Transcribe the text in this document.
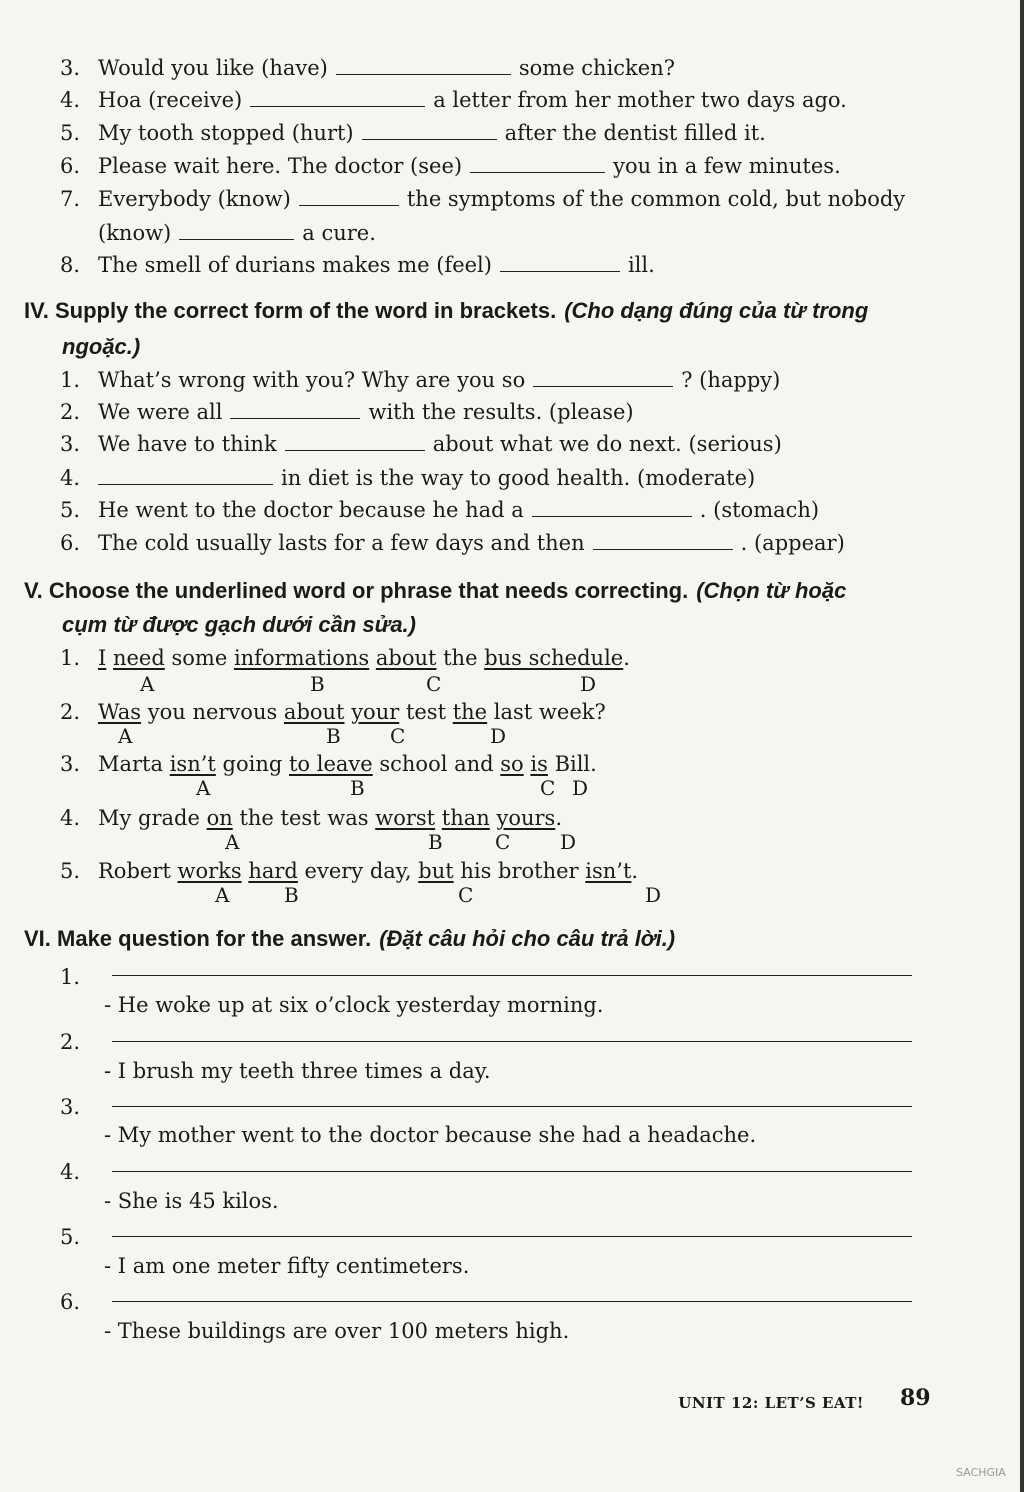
3. Would you like (have)	some chicken?
4. Hoa (receive)	a letter from her mother two days ago.
5. My tooth stopped (hurt)	after the dentist filled it.
6. Please wait here. The doctor (see)	you in a few minutes.
7. Everybody (know)	the symptoms of the common cold, but nobody
(know)	a cure.
8. The smell of durians makes me (feel)	ill.
IV. Supply the correct form of the word in brackets. (Cho dạng đúng của từ trong
ngoặc.)
1. What’s wrong with you? Why are you so	? (happy)
2. We were all	with the results. (please)
3. We have to think	about what we do next. (serious)
4.	in diet is the way to good health. (moderate)
5. He went to the doctor because he had a	. (stomach)
6. The cold usually lasts for a few days and then	. (appear)
V. Choose the underlined word or phrase that needs correcting. (Chọn từ hoặc
cụm từ được gạch dưới cần sửa.)
1. I
need some informations
about the bus schedule .
A	B	C	D
2. Was you nervous about
your test the last week?
A	B C	D
3. Marta isn’t going to leave school and so
is Bill.
A	B	C D
4. My grade on the test was worst
than
yours .
A	B	C D
5. Robert works
hard every day, but his brother isn’t .
A	B	C	D
VI. Make question for the answer. (Đặt câu hỏi cho câu trả lời.)
1.
- He woke up at six o’clock yesterday morning.
2.
- I brush my teeth three times a day.
3.
- My mother went to the doctor because she had a headache.
4.
- She is 45 kilos.
5.
- I am one meter fifty centimeters.
6.
- These buildings are over 100 meters high.
UNIT 12: LET’S EAT! 89
SACHGIA
